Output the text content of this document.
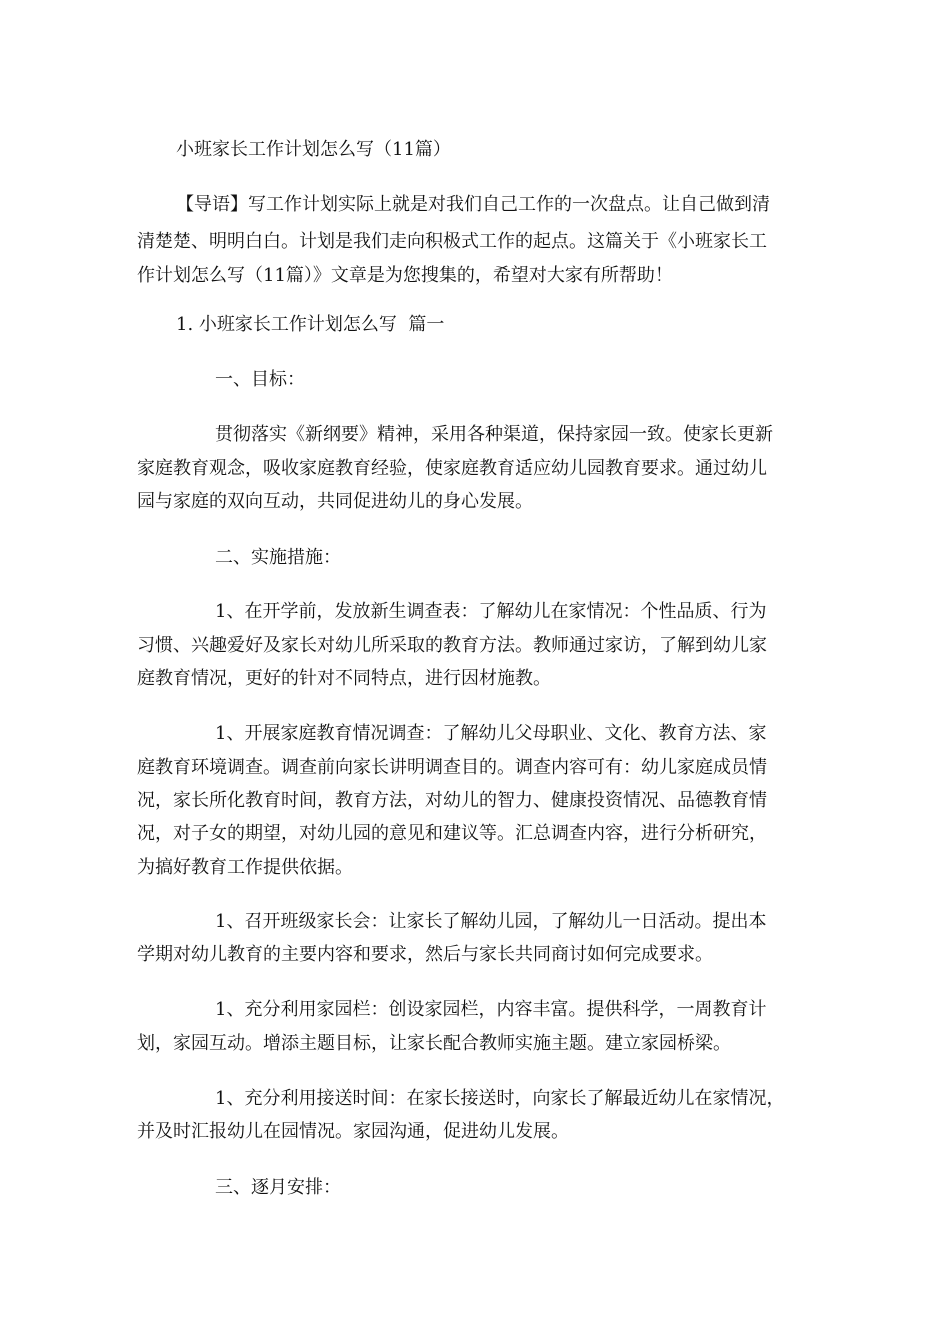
小班家长工作计划怎么写（11篇）

【导语】写工作计划实际上就是对我们自己工作的一次盘点。让自己做到清

清楚楚、明明白白。计划是我们走向积极式工作的起点。这篇关于《小班家长工

作计划怎么写（11篇）》文章是为您搜集的，希望对大家有所帮助！

1. 小班家长工作计划怎么写  篇一

一、目标：

贯彻落实《新纲要》精神，采用各种渠道，保持家园一致。使家长更新

家庭教育观念，吸收家庭教育经验，使家庭教育适应幼儿园教育要求。通过幼儿

园与家庭的双向互动，共同促进幼儿的身心发展。

二、实施措施：

1、在开学前，发放新生调查表：了解幼儿在家情况：个性品质、行为

习惯、兴趣爱好及家长对幼儿所采取的教育方法。教师通过家访，了解到幼儿家

庭教育情况，更好的针对不同特点，进行因材施教。

1、开展家庭教育情况调查：了解幼儿父母职业、文化、教育方法、家

庭教育环境调查。调查前向家长讲明调查目的。调查内容可有：幼儿家庭成员情

况，家长所化教育时间，教育方法，对幼儿的智力、健康投资情况、品德教育情

况，对子女的期望，对幼儿园的意见和建议等。汇总调查内容，进行分析研究，

为搞好教育工作提供依据。

1、召开班级家长会：让家长了解幼儿园，了解幼儿一日活动。提出本

学期对幼儿教育的主要内容和要求，然后与家长共同商讨如何完成要求。

1、充分利用家园栏：创设家园栏，内容丰富。提供科学，一周教育计

划，家园互动。增添主题目标，让家长配合教师实施主题。建立家园桥梁。

1、充分利用接送时间：在家长接送时，向家长了解最近幼儿在家情况，

并及时汇报幼儿在园情况。家园沟通，促进幼儿发展。

三、逐月安排：
